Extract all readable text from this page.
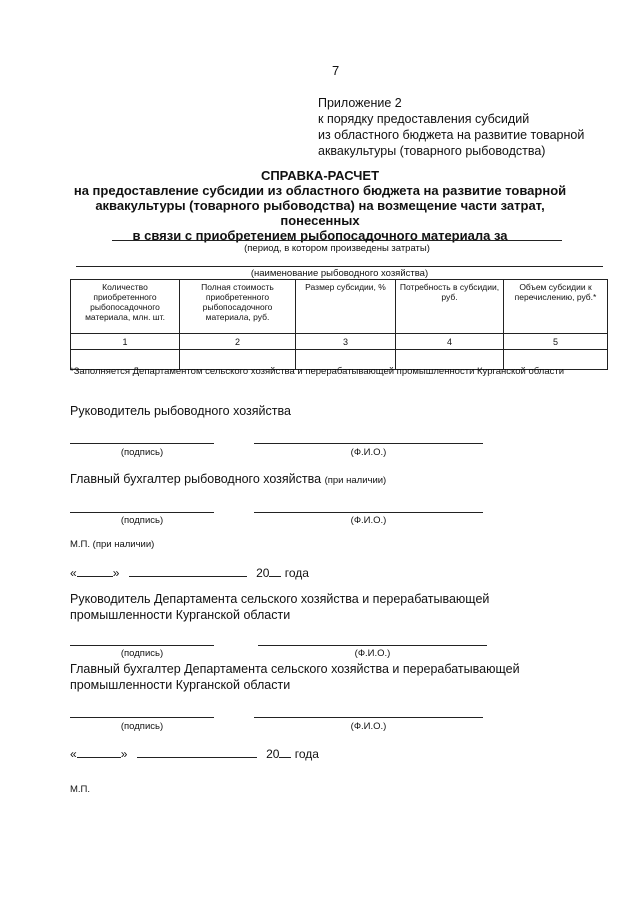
7
Приложение 2
к порядку предоставления субсидий
из областного бюджета на развитие товарной
аквакультуры (товарного рыбоводства)
СПРАВКА-РАСЧЕТ
на предоставление субсидии из областного бюджета на развитие товарной
аквакультуры (товарного рыбоводства) на возмещение части затрат, понесенных
в связи с приобретением рыбопосадочного материала за
(период, в котором произведены затраты)
(наименование рыбоводного хозяйства)
Количество приобретенного рыбопосадочного материала, млн. шт.	Полная стоимость приобретенного рыбопосадочного материала, руб.	Размер субсидии, %	Потребность в субсидии, руб.	Объем субсидии к перечислению, руб.*
1	2	3	4	5

*Заполняется Департаментом сельского хозяйства и перерабатывающей промышленности Курганской области
Руководитель рыбоводного хозяйства
(подпись)	(Ф.И.О.)
Главный бухгалтер рыбоводного хозяйства (при наличии)
(подпись)	(Ф.И.О.)
М.П. (при наличии)
«	»	20 года
Руководитель Департамента сельского хозяйства и перерабатывающей промышленности Курганской области
(подпись)	(Ф.И.О.)
Главный бухгалтер Департамента сельского хозяйства и перерабатывающей промышленности Курганской области
(подпись)	(Ф.И.О.)
«	»	20 года
М.П.
